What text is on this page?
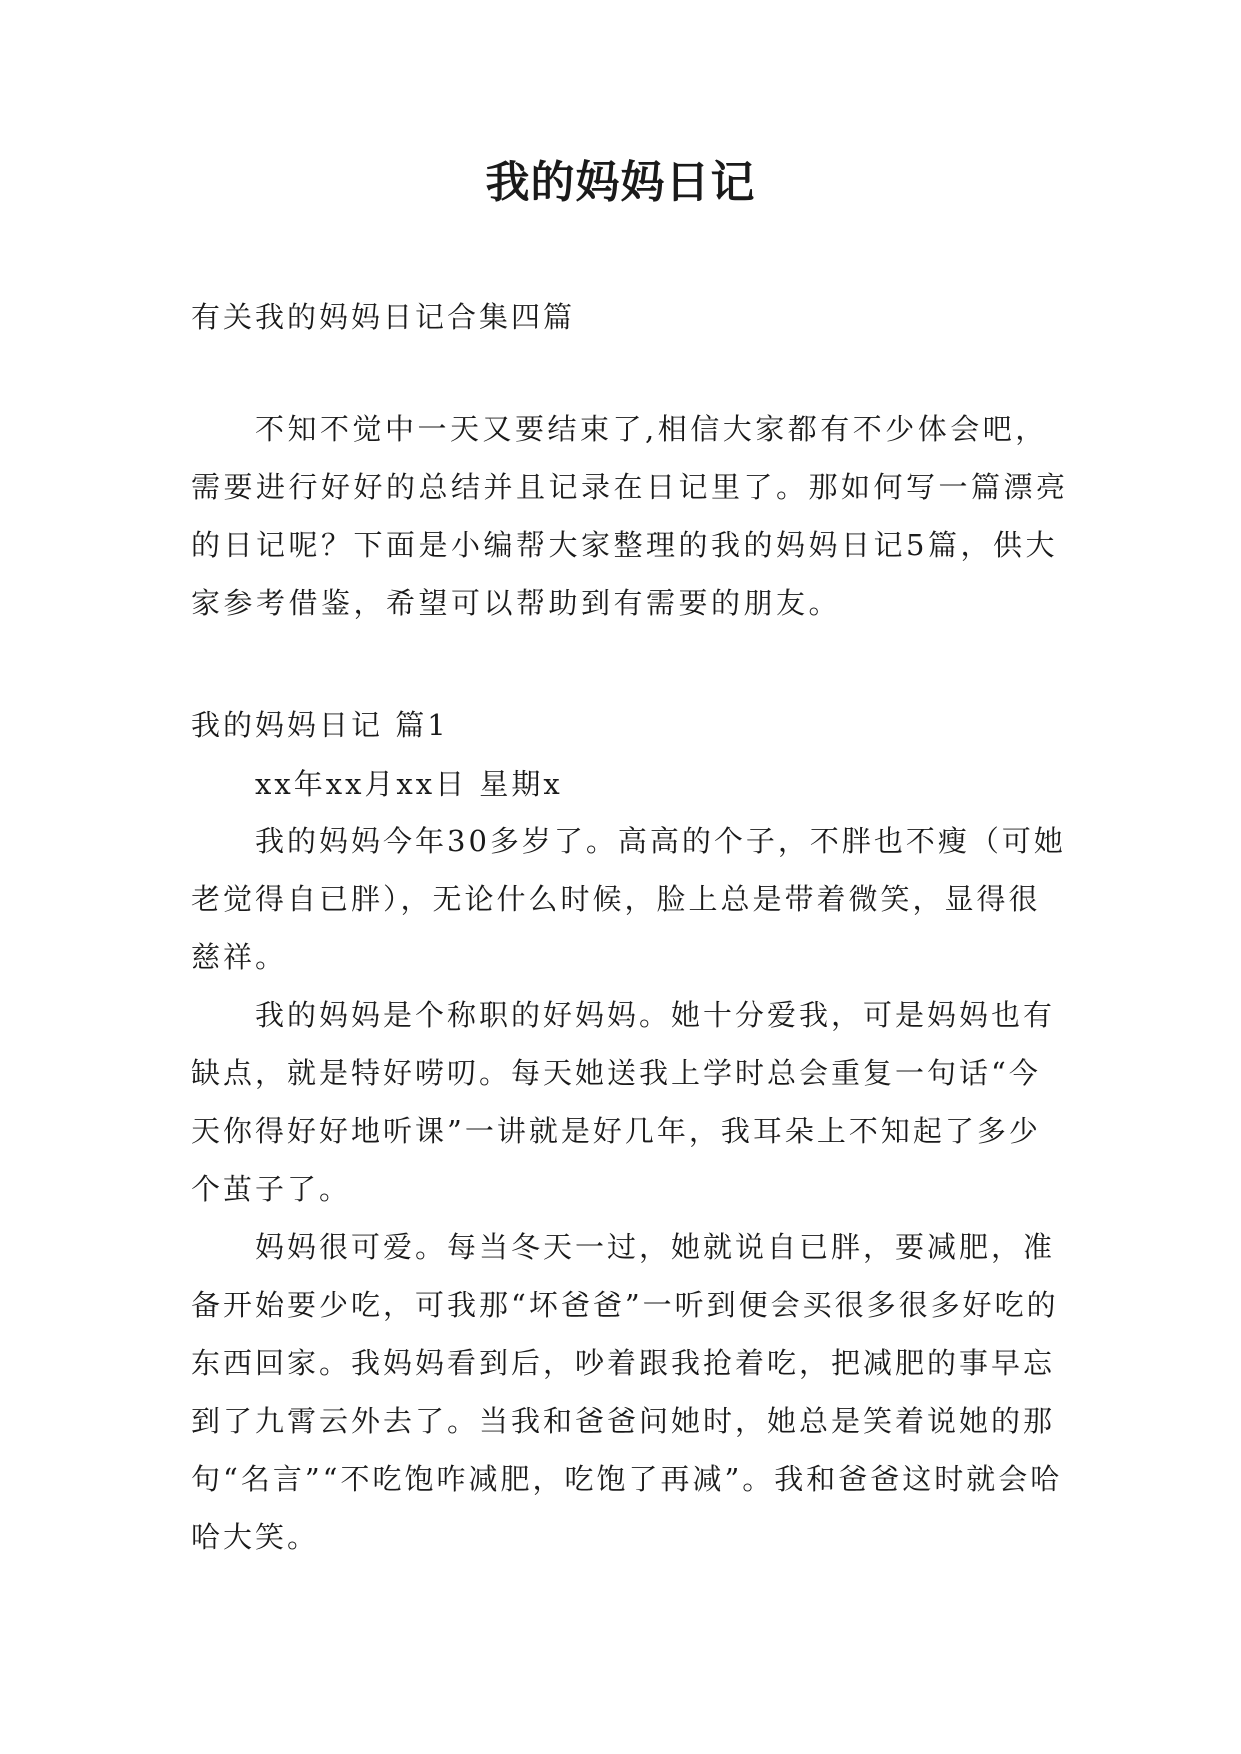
我的妈妈日记
有关我的妈妈日记合集四篇
不知不觉中一天又要结束了,相信大家都有不少体会吧，需要进行好好的总结并且记录在日记里了。那如何写一篇漂亮的日记呢？下面是小编帮大家整理的我的妈妈日记5篇，供大家参考借鉴，希望可以帮助到有需要的朋友。
我的妈妈日记 篇1
xx年xx月xx日 星期x

我的妈妈今年30多岁了。高高的个子，不胖也不瘦（可她老觉得自已胖），无论什么时候，脸上总是带着微笑，显得很慈祥。

我的妈妈是个称职的好妈妈。她十分爱我，可是妈妈也有缺点，就是特好唠叨。每天她送我上学时总会重复一句话“今天你得好好地听课”一讲就是好几年，我耳朵上不知起了多少个茧子了。

妈妈很可爱。每当冬天一过，她就说自已胖，要减肥，准备开始要少吃，可我那“坏爸爸”一听到便会买很多很多好吃的东西回家。我妈妈看到后，吵着跟我抢着吃，把减肥的事早忘到了九霄云外去了。当我和爸爸问她时，她总是笑着说她的那句“名言”“不吃饱咋减肥，吃饱了再减”。我和爸爸这时就会哈哈大笑。
